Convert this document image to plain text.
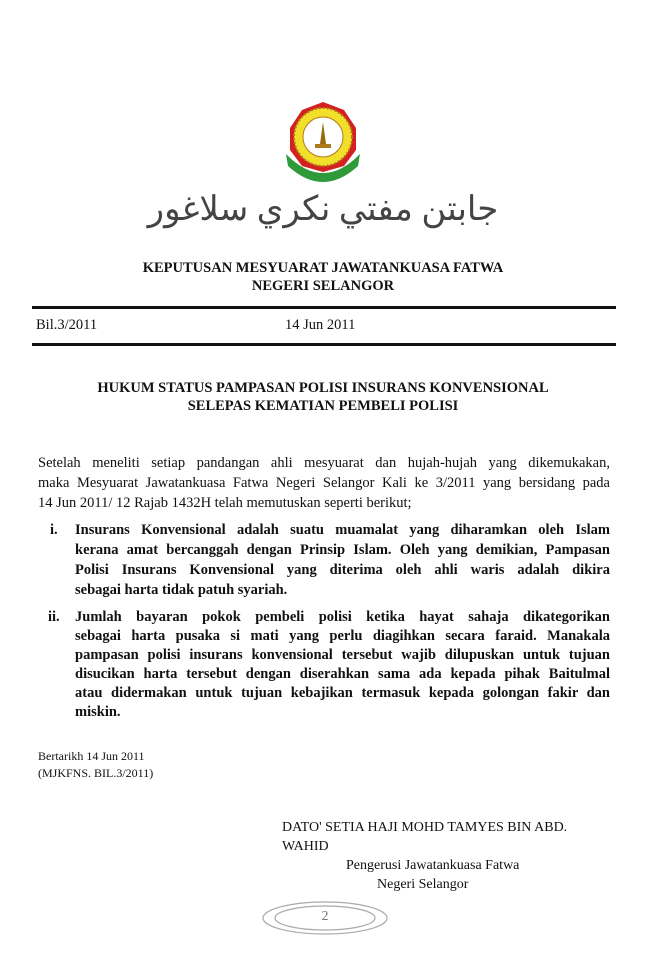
جابتن مفتي نكري سلاغور
KEPUTUSAN MESYUARAT JAWATANKUASA FATWA
NEGERI SELANGOR
Bil.3/2011	14 Jun 2011
HUKUM STATUS PAMPASAN POLISI INSURANS KONVENSIONAL
SELEPAS KEMATIAN PEMBELI POLISI
Setelah meneliti setiap pandangan ahli mesyuarat dan hujah-hujah yang dikemukakan,
maka Mesyuarat Jawatankuasa Fatwa Negeri Selangor Kali ke 3/2011 yang bersidang pada
14 Jun 2011/ 12 Rajab 1432H telah memutuskan seperti berikut;
i. Insurans Konvensional adalah suatu muamalat yang diharamkan oleh Islam
kerana amat bercanggah dengan Prinsip Islam. Oleh yang demikian, Pampasan
Polisi Insurans Konvensional yang diterima oleh ahli waris adalah dikira
sebagai harta tidak patuh syariah.
ii. Jumlah bayaran pokok pembeli polisi ketika hayat sahaja dikategorikan
sebagai harta pusaka si mati yang perlu diagihkan secara faraid. Manakala
pampasan polisi insurans konvensional tersebut wajib dilupuskan untuk tujuan
disucikan harta tersebut dengan diserahkan sama ada kepada pihak Baitulmal
atau didermakan untuk tujuan kebajikan termasuk kepada golongan fakir dan
miskin.
Bertarikh 14 Jun 2011
(MJKFNS. BIL.3/2011)
DATO' SETIA HAJI MOHD TAMYES BIN ABD. WAHID
Pengerusi Jawatankuasa Fatwa
Negeri Selangor
2
